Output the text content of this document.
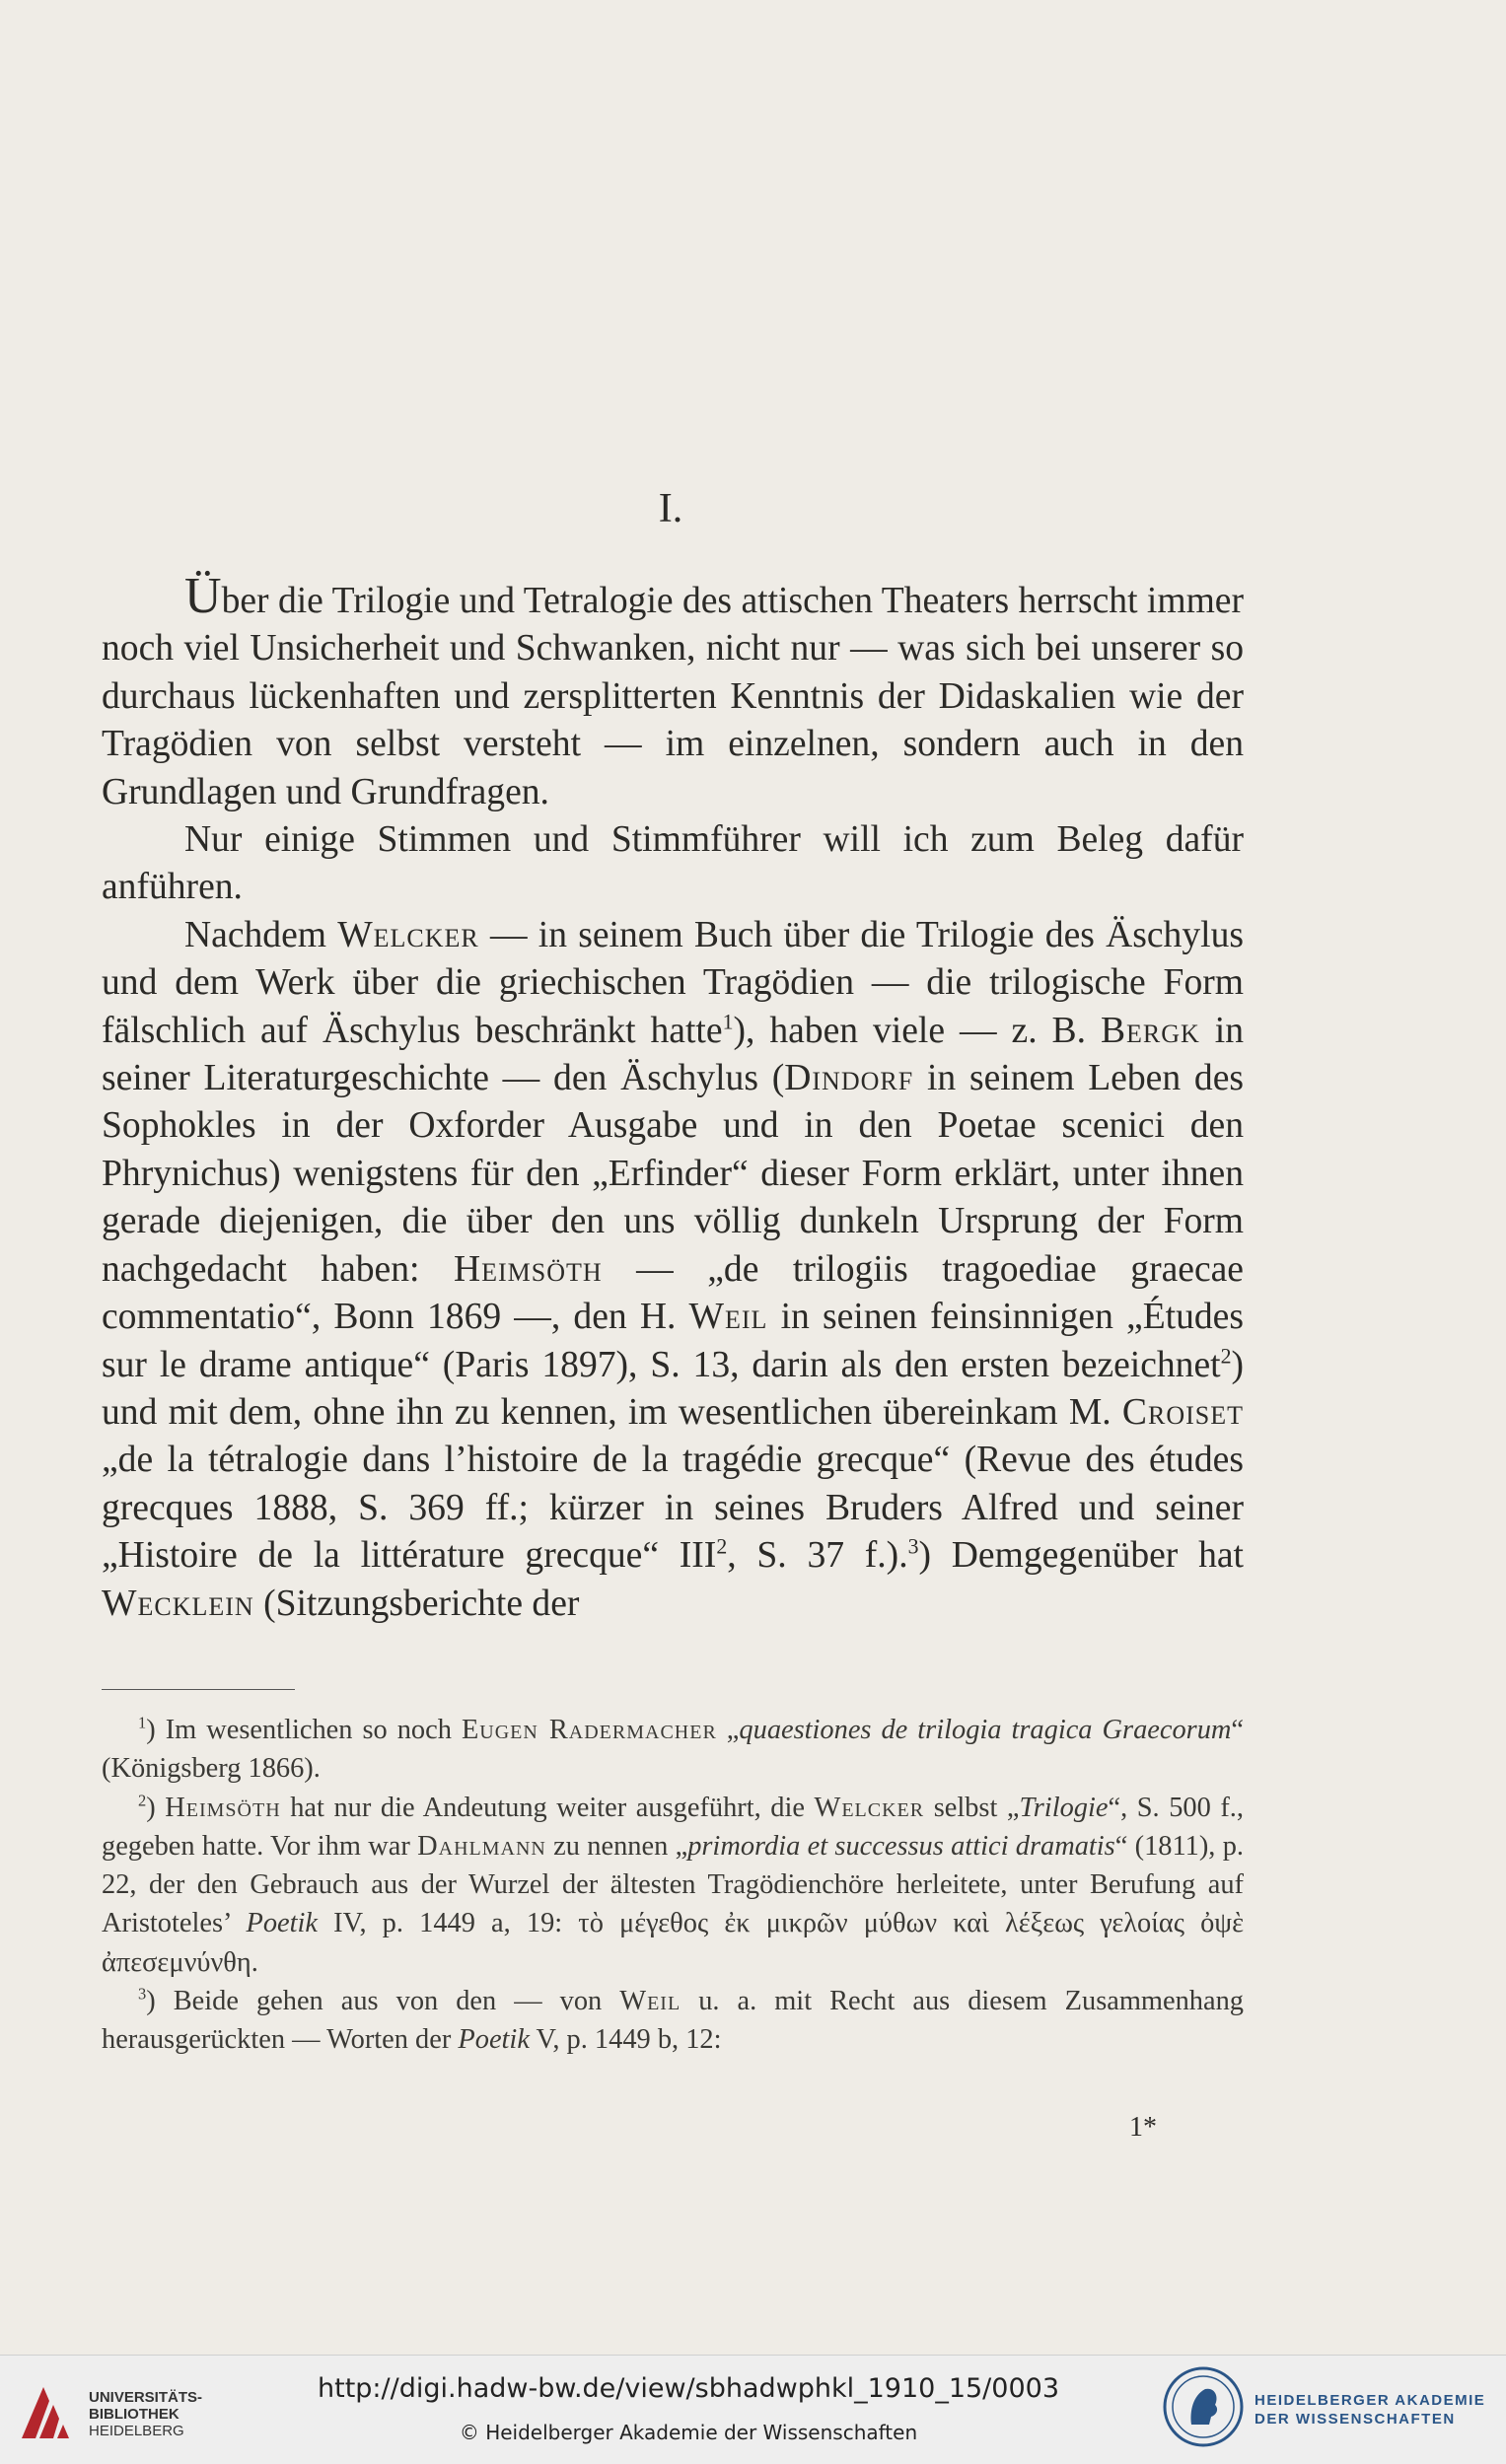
I.

Über die Trilogie und Tetralogie des attischen Theaters herrscht immer noch viel Unsicherheit und Schwanken, nicht nur — was sich bei unserer so durchaus lückenhaften und zersplitterten Kenntnis der Didaskalien wie der Tragödien von selbst versteht — im einzelnen, sondern auch in den Grundlagen und Grundfragen.

Nur einige Stimmen und Stimmführer will ich zum Beleg dafür anführen.

Nachdem Welcker — in seinem Buch über die Trilogie des Äschylus und dem Werk über die griechischen Tragödien — die trilogische Form fälschlich auf Äschylus beschränkt hatte$^1$), haben viele — z. B. Bergk in seiner Literaturgeschichte — den Äschylus (Dindorf in seinem Leben des Sophokles in der Oxforder Ausgabe und in den Poetae scenici den Phrynichus) wenigstens für den „Erfinder“ dieser Form erklärt, unter ihnen gerade diejenigen, die über den uns völlig dunkeln Ursprung der Form nachgedacht haben: Heimsöth — „de trilogiis tragoediae graecae commentatio“, Bonn 1869 —, den H. Weil in seinen feinsinnigen „Études sur le drame antique“ (Paris 1897), S. 13, darin als den ersten bezeichnet$^2$) und mit dem, ohne ihn zu kennen, im wesentlichen übereinkam M. Croiset „de la tétralogie dans l’histoire de la tragédie grecque“ (Revue des études grecques 1888, S. 369 ff.; kürzer in seines Bruders Alfred und seiner „Histoire de la littérature grecque“ III$^2$, S. 37 f.).$^3$) Demgegenüber hat Wecklein (Sitzungsberichte der

$^1$) Im wesentlichen so noch Eugen Radermacher „quaestiones de trilogia tragica Graecorum“ (Königsberg 1866).

$^2$) Heimsöth hat nur die Andeutung weiter ausgeführt, die Welcker selbst „Trilogie“, S. 500 f., gegeben hatte. Vor ihm war Dahlmann zu nennen „primordia et successus attici dramatis“ (1811), p. 22, der den Gebrauch aus der Wurzel der ältesten Tragödienchöre herleitete, unter Berufung auf Aristoteles’ Poetik IV, p. 1449 a, 19: τὸ μέγεθος ἐκ μικρῶν μύθων καὶ λέξεως γελοίας ὀψὲ ἀπεσεμνύνθη.

$^3$) Beide gehen aus von den — von Weil u. a. mit Recht aus diesem Zusammenhang herausgerückten — Worten der Poetik V, p. 1449 b, 12:

1*
UNIVERSITÄTS-
BIBLIOTHEK
HEIDELBERG
http://digi.hadw-bw.de/view/sbhadwphkl_1910_15/0003
© Heidelberger Akademie der Wissenschaften
HEIDELBERGER AKADEMIE
DER WISSENSCHAFTEN
